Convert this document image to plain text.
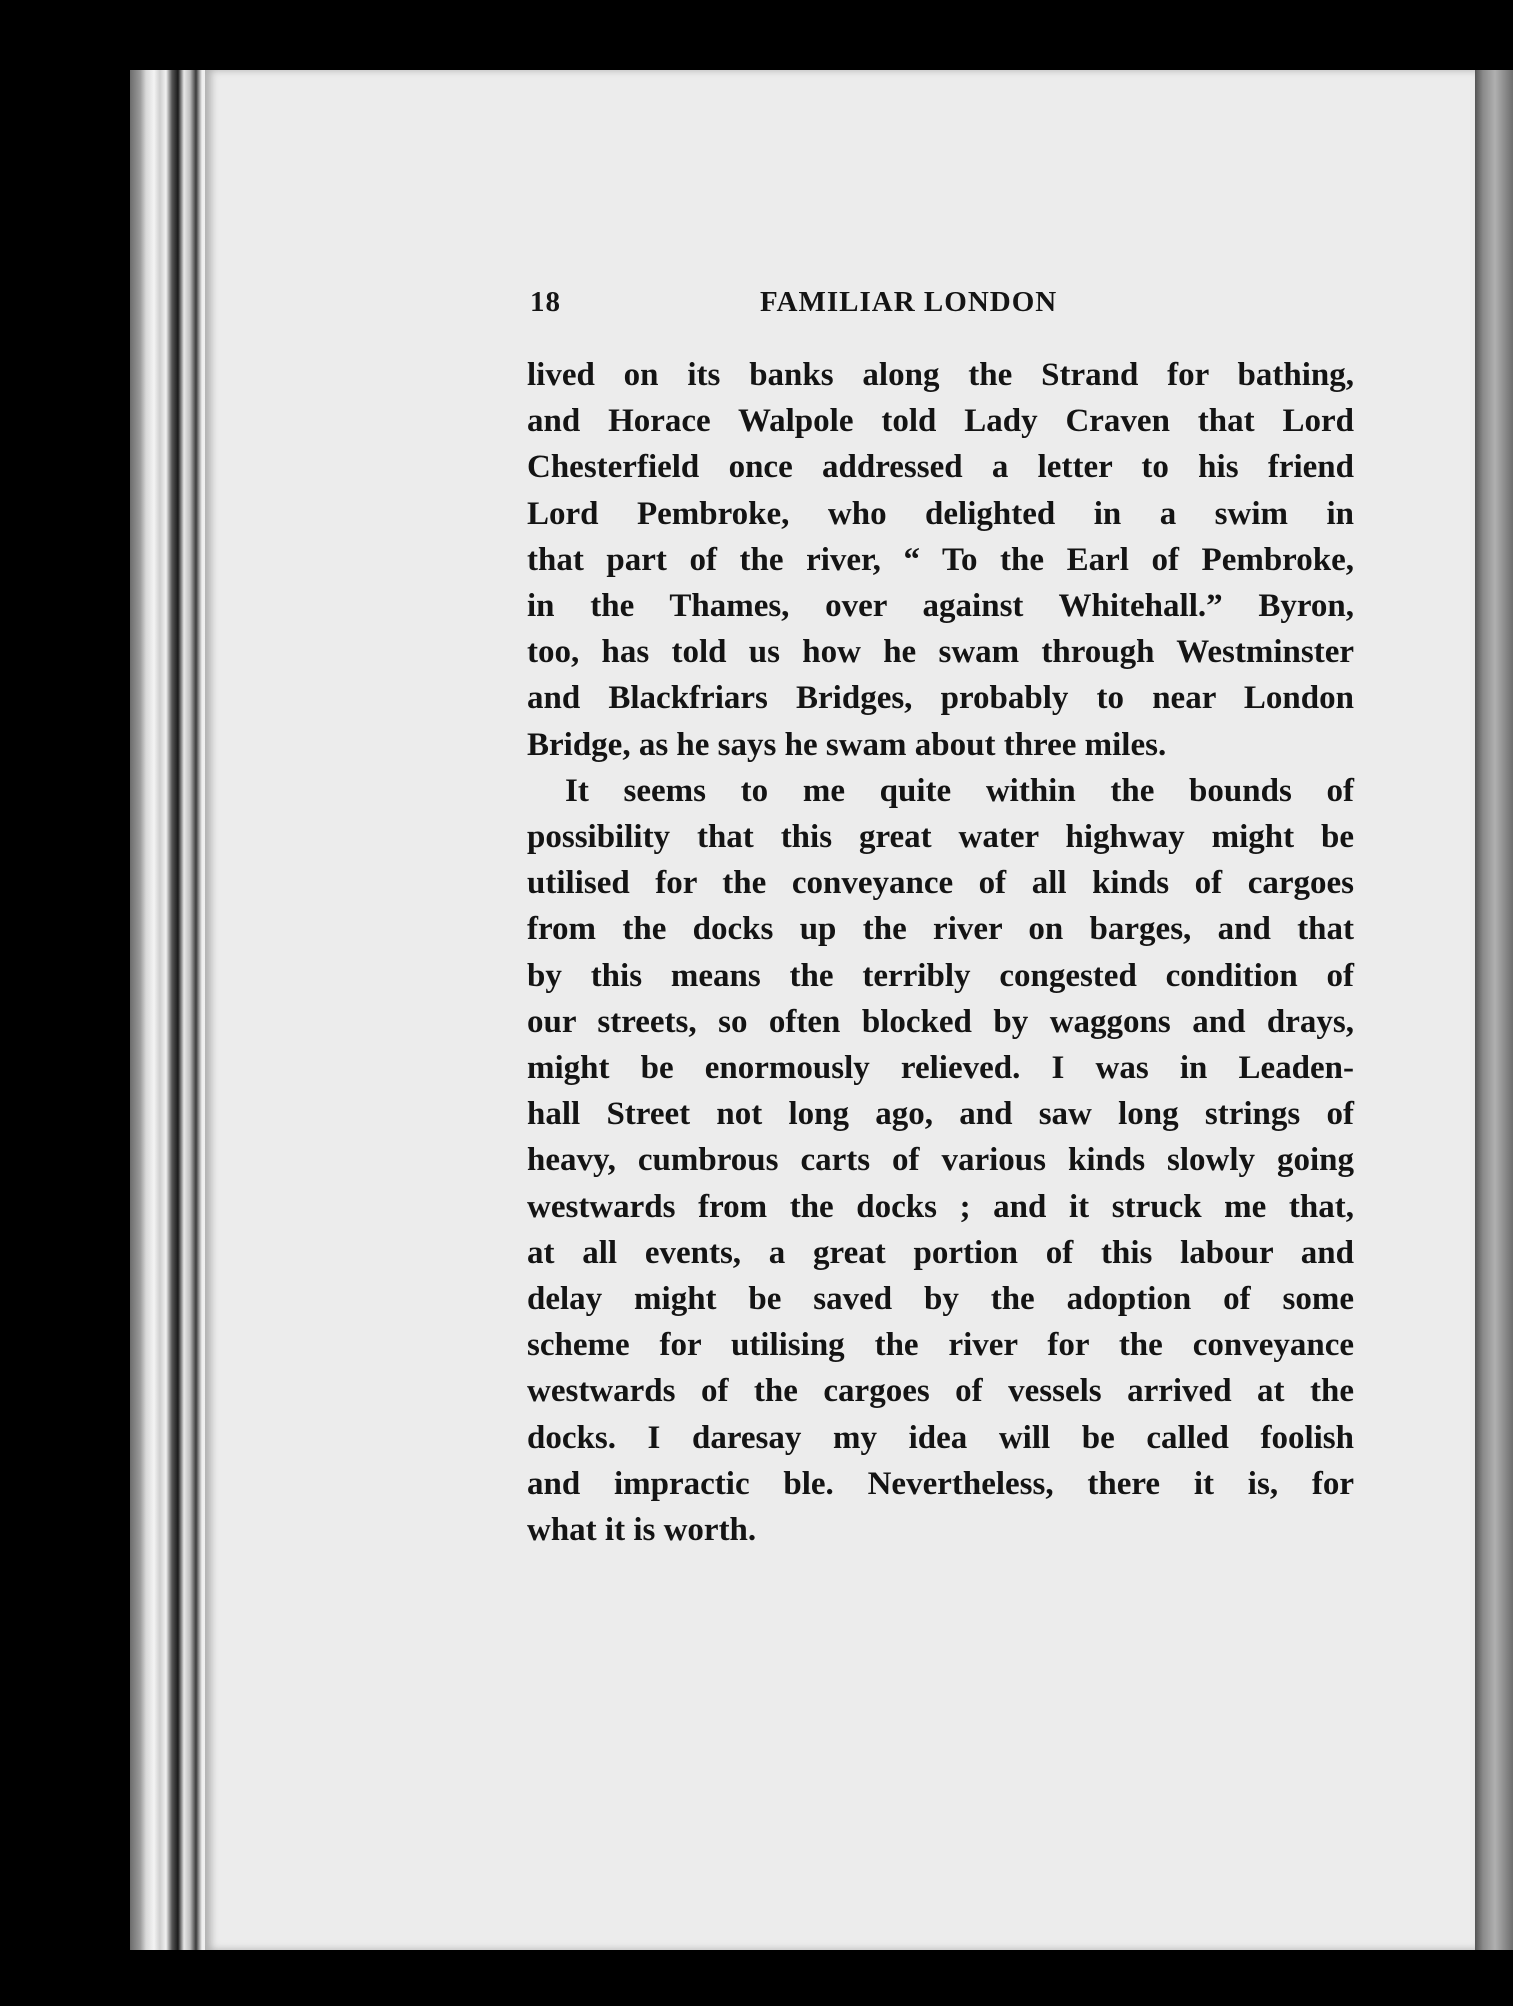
18	FAMILIAR LONDON
lived on its banks along the Strand for bathing,
and Horace Walpole told Lady Craven that Lord
Chesterfield once addressed a letter to his friend
Lord Pembroke, who delighted in a swim in
that part of the river, “ To the Earl of Pembroke,
in the Thames, over against Whitehall.” Byron,
too, has told us how he swam through Westminster
and Blackfriars Bridges, probably to near London
Bridge, as he says he swam about three miles.
It seems to me quite within the bounds of
possibility that this great water highway might be
utilised for the conveyance of all kinds of cargoes
from the docks up the river on barges, and that
by this means the terribly congested condition of
our streets, so often blocked by waggons and drays,
might be enormously relieved. I was in Leaden-
hall Street not long ago, and saw long strings of
heavy, cumbrous carts of various kinds slowly going
westwards from the docks ; and it struck me that,
at all events, a great portion of this labour and
delay might be saved by the adoption of some
scheme for utilising the river for the conveyance
westwards of the cargoes of vessels arrived at the
docks. I daresay my idea will be called foolish
and impractic ble. Nevertheless, there it is, for
what it is worth.
